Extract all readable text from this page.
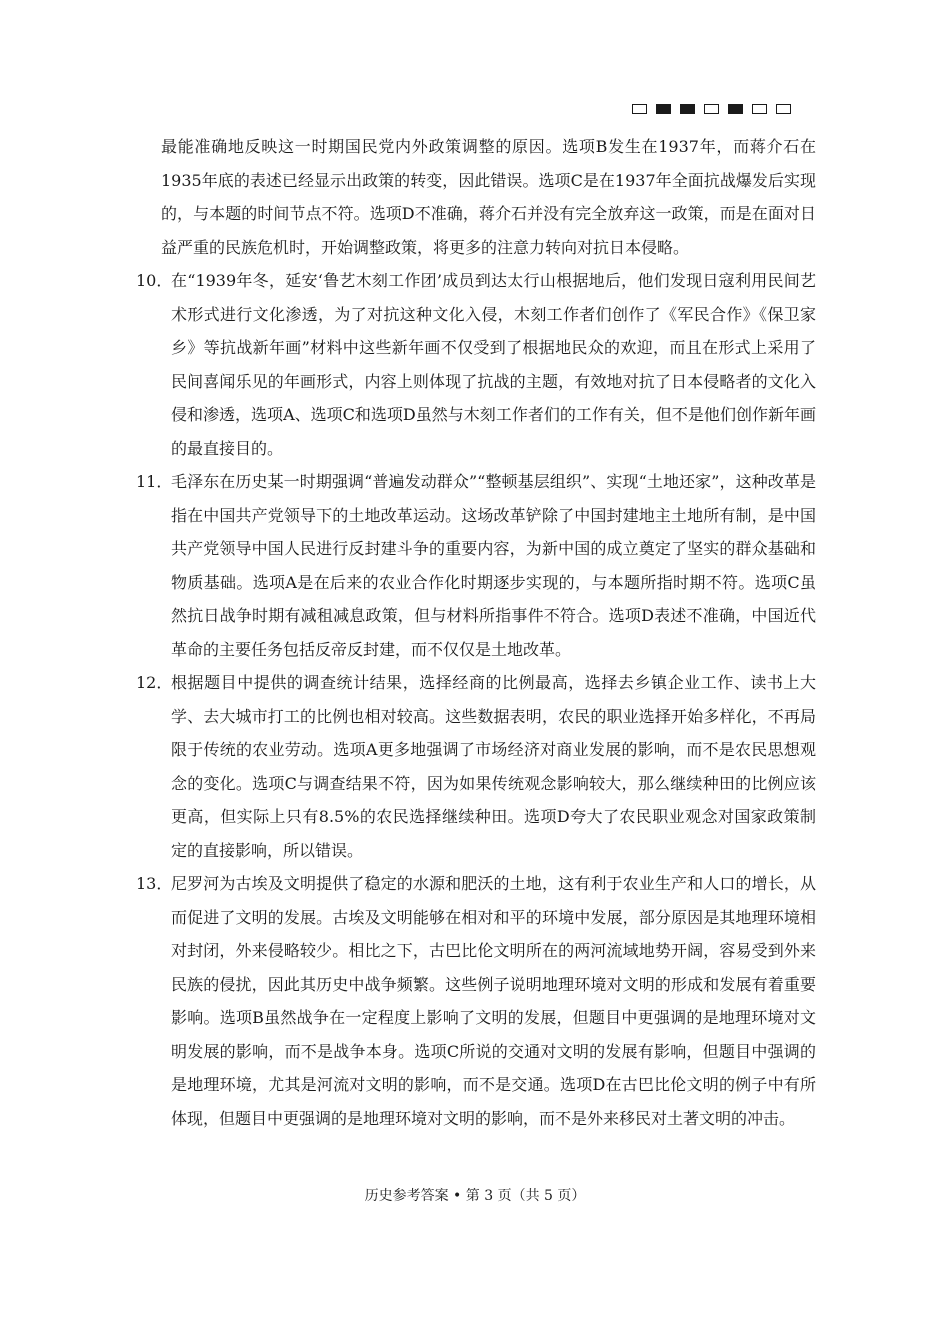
最能准确地反映这一时期国民党内外政策调整的原因。选项B发生在1937年，而蒋介石在1935年底的表述已经显示出政策的转变，因此错误。选项C是在1937年全面抗战爆发后实现的，与本题的时间节点不符。选项D不准确，蒋介石并没有完全放弃这一政策，而是在面对日益严重的民族危机时，开始调整政策，将更多的注意力转向对抗日本侵略。

10．

在“1939年冬，延安‘鲁艺木刻工作团’成员到达太行山根据地后，他们发现日寇利用民间艺术形式进行文化渗透，为了对抗这种文化入侵，木刻工作者们创作了《军民合作》《保卫家乡》等抗战新年画”材料中这些新年画不仅受到了根据地民众的欢迎，而且在形式上采用了民间喜闻乐见的年画形式，内容上则体现了抗战的主题，有效地对抗了日本侵略者的文化入侵和渗透，选项A、选项C和选项D虽然与木刻工作者们的工作有关，但不是他们创作新年画的最直接目的。

11．

毛泽东在历史某一时期强调“普遍发动群众”“整顿基层组织”、实现“土地还家”，这种改革是指在中国共产党领导下的土地改革运动。这场改革铲除了中国封建地主土地所有制，是中国共产党领导中国人民进行反封建斗争的重要内容，为新中国的成立奠定了坚实的群众基础和物质基础。选项A是在后来的农业合作化时期逐步实现的，与本题所指时期不符。选项C虽然抗日战争时期有减租减息政策，但与材料所指事件不符合。选项D表述不准确，中国近代革命的主要任务包括反帝反封建，而不仅仅是土地改革。

12．

根据题目中提供的调查统计结果，选择经商的比例最高，选择去乡镇企业工作、读书上大学、去大城市打工的比例也相对较高。这些数据表明，农民的职业选择开始多样化，不再局限于传统的农业劳动。选项A更多地强调了市场经济对商业发展的影响，而不是农民思想观念的变化。选项C与调查结果不符，因为如果传统观念影响较大，那么继续种田的比例应该更高，但实际上只有8.5%的农民选择继续种田。选项D夸大了农民职业观念对国家政策制定的直接影响，所以错误。

13．

尼罗河为古埃及文明提供了稳定的水源和肥沃的土地，这有利于农业生产和人口的增长，从而促进了文明的发展。古埃及文明能够在相对和平的环境中发展，部分原因是其地理环境相对封闭，外来侵略较少。相比之下，古巴比伦文明所在的两河流域地势开阔，容易受到外来民族的侵扰，因此其历史中战争频繁。这些例子说明地理环境对文明的形成和发展有着重要影响。选项B虽然战争在一定程度上影响了文明的发展，但题目中更强调的是地理环境对文明发展的影响，而不是战争本身。选项C所说的交通对文明的发展有影响，但题目中强调的是地理环境，尤其是河流对文明的影响，而不是交通。选项D在古巴比伦文明的例子中有所体现，但题目中更强调的是地理环境对文明的影响，而不是外来移民对土著文明的冲击。

历史参考答案 • 第 3 页（共 5 页）
